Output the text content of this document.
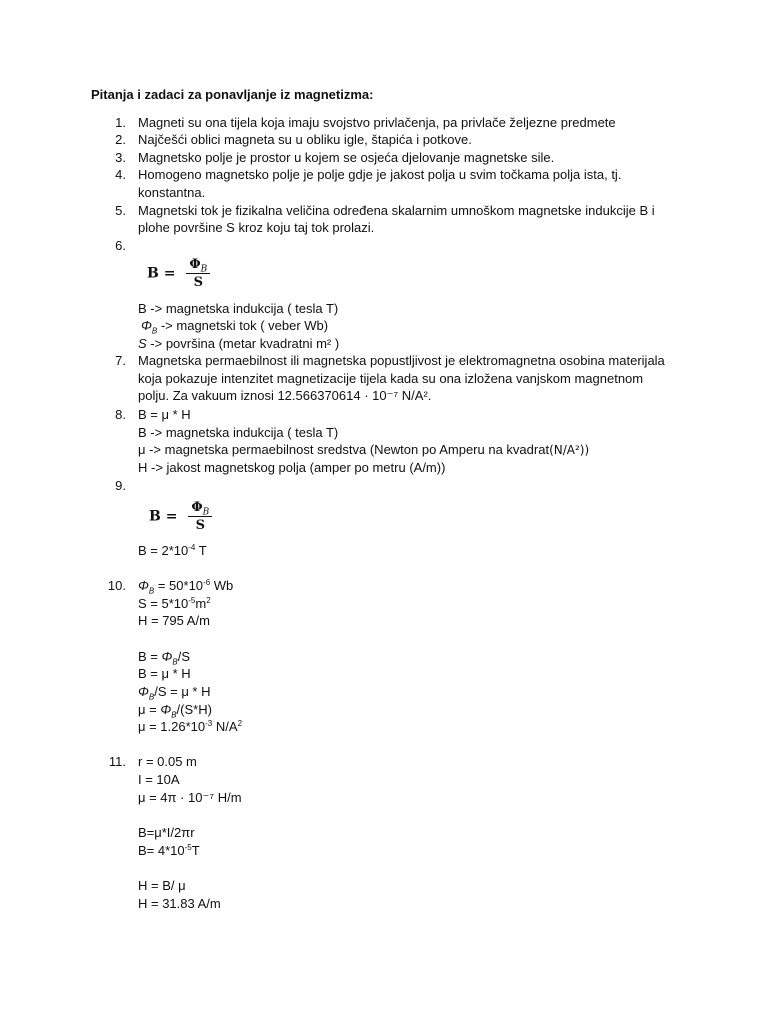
Pitanja i zadaci za ponavljanje iz magnetizma:
1.
2.
3.
4.
5.
6.
7.
8.
9.
10.
11.
Magneti su ona tijela koja imaju svojstvo privlačenja, pa privlače željezne predmete
Najčešći oblici magneta su u obliku igle, štapića i potkove.
Magnetsko polje je prostor u kojem se osjeća djelovanje magnetske sile.
Homogeno magnetsko polje je polje gdje je jakost polja u svim točkama polja ista, tj.
konstantna.
Magnetski tok je fizikalna veličina određena skalarnim umnoškom magnetske indukcije B i
plohe površine S kroz koju taj tok prolazi.
$B = \frac{\Phi_B}{S}$
B -> magnetska indukcija ( tesla T)
$\Phi_B$ -> magnetski tok ( veber Wb)
S -> površina (metar kvadratni m² )
Magnetska permaebilnost ili magnetska popustljivost je elektromagnetna osobina materijala
koja pokazuje intenzitet magnetizacije tijela kada su ona izložena vanjskom magnetnom
polju. Za vakuum iznosi 12.566370614 · 10⁻⁷ N/A².
B = μ * H
B -> magnetska indukcija ( tesla T)
μ -> magnetska permaebilnost sredstva (Newton po Amperu na kvadrat(N/A²))
H -> jakost magnetskog polja (amper po metru (A/m))
$B = \frac{\Phi_B}{S}$
$B = 2*10^{-4}$ T
$\Phi_B = 50*10^{-6}$ Wb
$S = 5*10^{-5}m^2$
H = 795 A/m
$B = \Phi_B/S$
B = μ * H
$\Phi_B/S = \mu * H$
$\mu = \Phi_B/(S*H)$
$\mu = 1.26*10^{-3}$ $N/A^2$
r = 0.05 m
I = 10A
μ = 4π · 10⁻⁷ H/m
B=μ*I/2πr
$B= 4*10^{-5}T$
H = B/ μ
H = 31.83 A/m
